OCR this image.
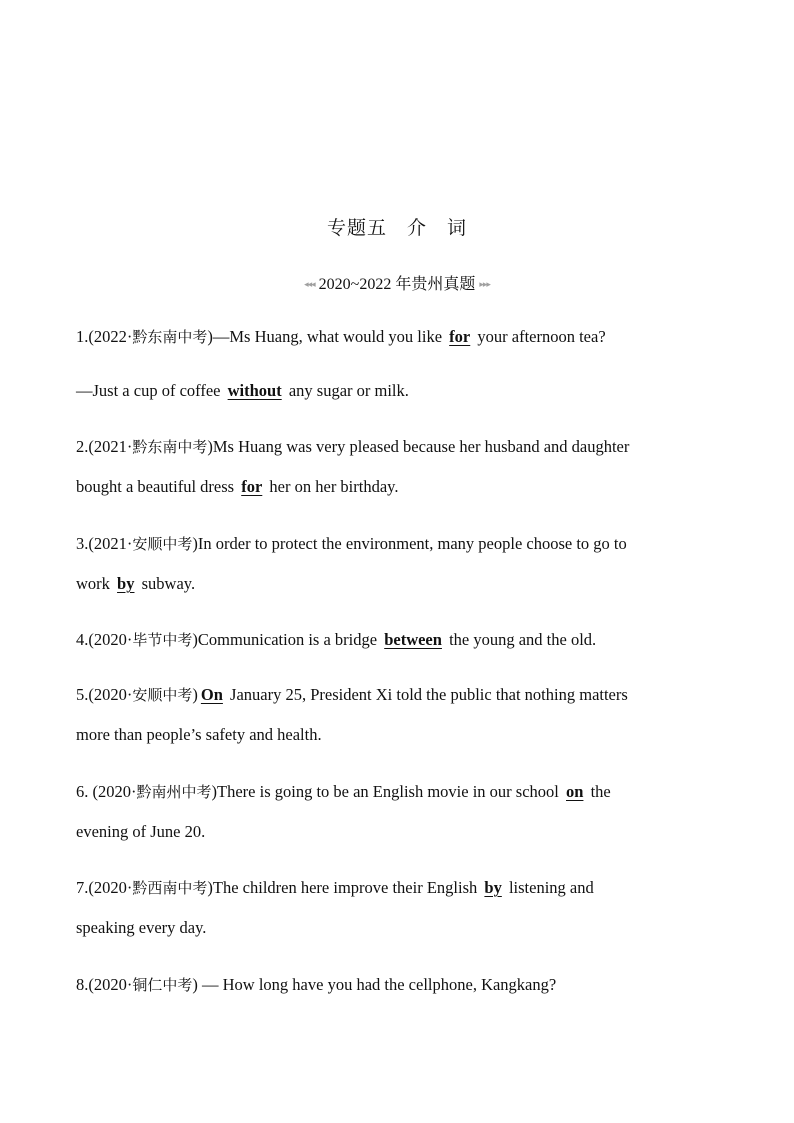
专题五　介　词
◂◂◂ 2020~2022 年贵州真题 ▸▸▸
1.(2022·黔东南中考)—Ms Huang, what would you like for your afternoon tea?
—Just a cup of coffee without any sugar or milk.
2.(2021·黔东南中考)Ms Huang was very pleased because her husband and daughter
bought a beautiful dress for her on her birthday.
3.(2021·安顺中考)In order to protect the environment, many people choose to go to
work by subway.
4.(2020·毕节中考)Communication is a bridge between the young and the old.
5.(2020·安顺中考) On January 25, President Xi told the public that nothing matters
more than people’s safety and health.
6. (2020·黔南州中考)There is going to be an English movie in our school on the
evening of June 20.
7.(2020·黔西南中考)The children here improve their English by listening and
speaking every day.
8.(2020·铜仁中考) — How long have you had the cellphone, Kangkang?
